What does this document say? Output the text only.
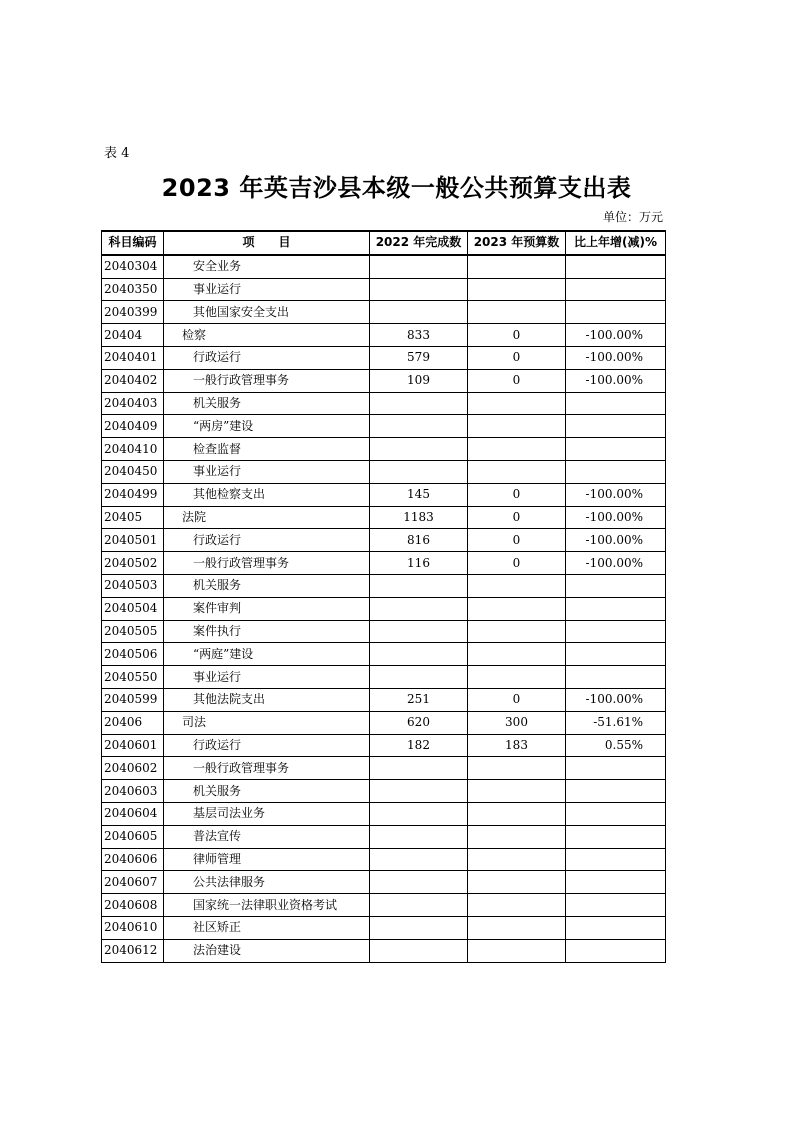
表 4
2023 年英吉沙县本级一般公共预算支出表
单位：万元
科目编码	项　　目	2022 年完成数	2023 年预算数	比上年增(减)%
2040304	安全业务			
2040350	事业运行			
2040399	其他国家安全支出			
20404	检察	833	0	-100.00%
2040401	行政运行	579	0	-100.00%
2040402	一般行政管理事务	109	0	-100.00%
2040403	机关服务			
2040409	“两房”建设			
2040410	检查监督			
2040450	事业运行			
2040499	其他检察支出	145	0	-100.00%
20405	法院	1183	0	-100.00%
2040501	行政运行	816	0	-100.00%
2040502	一般行政管理事务	116	0	-100.00%
2040503	机关服务			
2040504	案件审判			
2040505	案件执行			
2040506	“两庭”建设			
2040550	事业运行			
2040599	其他法院支出	251	0	-100.00%
20406	司法	620	300	-51.61%
2040601	行政运行	182	183	0.55%
2040602	一般行政管理事务			
2040603	机关服务			
2040604	基层司法业务			
2040605	普法宣传			
2040606	律师管理			
2040607	公共法律服务			
2040608	国家统一法律职业资格考试			
2040610	社区矫正			
2040612	法治建设			
